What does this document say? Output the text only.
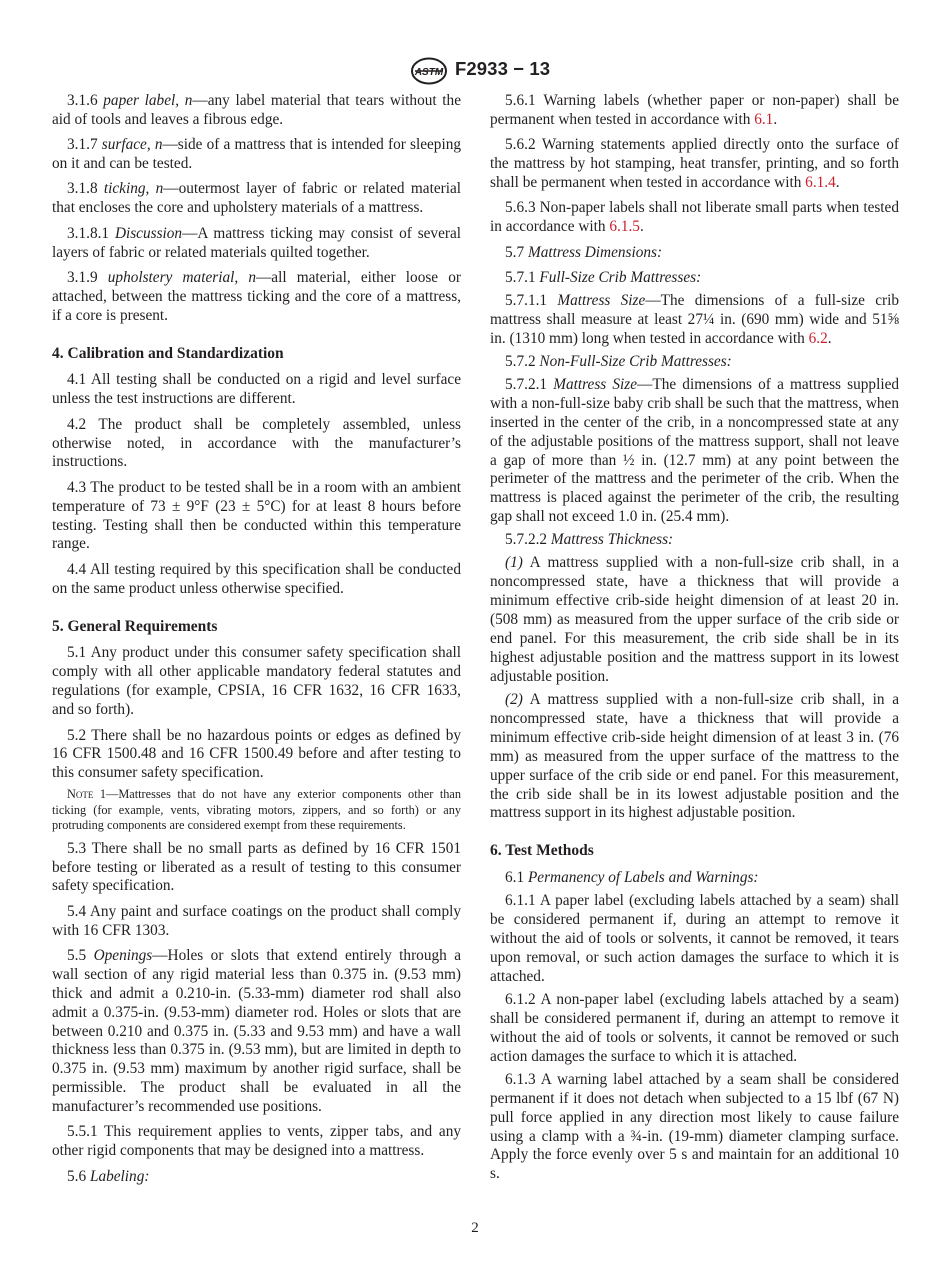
ASTM F2933 − 13

3.1.6 paper label, n—any label material that tears without the aid of tools and leaves a fibrous edge.

3.1.7 surface, n—side of a mattress that is intended for sleeping on it and can be tested.

3.1.8 ticking, n—outermost layer of fabric or related material that encloses the core and upholstery materials of a mattress.

3.1.8.1 Discussion—A mattress ticking may consist of several layers of fabric or related materials quilted together.

3.1.9 upholstery material, n—all material, either loose or attached, between the mattress ticking and the core of a mattress, if a core is present.

4. Calibration and Standardization

4.1 All testing shall be conducted on a rigid and level surface unless the test instructions are different.

4.2 The product shall be completely assembled, unless otherwise noted, in accordance with the manufacturer’s instructions.

4.3 The product to be tested shall be in a room with an ambient temperature of 73 ± 9°F (23 ± 5°C) for at least 8 hours before testing. Testing shall then be conducted within this temperature range.

4.4 All testing required by this specification shall be conducted on the same product unless otherwise specified.

5. General Requirements

5.1 Any product under this consumer safety specification shall comply with all other applicable mandatory federal statutes and regulations (for example, CPSIA, 16 CFR 1632, 16 CFR 1633, and so forth).

5.2 There shall be no hazardous points or edges as defined by 16 CFR 1500.48 and 16 CFR 1500.49 before and after testing to this consumer safety specification.

Note 1—Mattresses that do not have any exterior components other than ticking (for example, vents, vibrating motors, zippers, and so forth) or any protruding components are considered exempt from these requirements.

5.3 There shall be no small parts as defined by 16 CFR 1501 before testing or liberated as a result of testing to this consumer safety specification.

5.4 Any paint and surface coatings on the product shall comply with 16 CFR 1303.

5.5 Openings—Holes or slots that extend entirely through a wall section of any rigid material less than 0.375 in. (9.53 mm) thick and admit a 0.210-in. (5.33-mm) diameter rod shall also admit a 0.375-in. (9.53-mm) diameter rod. Holes or slots that are between 0.210 and 0.375 in. (5.33 and 9.53 mm) and have a wall thickness less than 0.375 in. (9.53 mm), but are limited in depth to 0.375 in. (9.53 mm) maximum by another rigid surface, shall be permissible. The product shall be evaluated in all the manufacturer’s recommended use positions.

5.5.1 This requirement applies to vents, zipper tabs, and any other rigid components that may be designed into a mattress.

5.6 Labeling:

5.6.1 Warning labels (whether paper or non-paper) shall be permanent when tested in accordance with 6.1.

5.6.2 Warning statements applied directly onto the surface of the mattress by hot stamping, heat transfer, printing, and so forth shall be permanent when tested in accordance with 6.1.4.

5.6.3 Non-paper labels shall not liberate small parts when tested in accordance with 6.1.5.

5.7 Mattress Dimensions:

5.7.1 Full-Size Crib Mattresses:

5.7.1.1 Mattress Size—The dimensions of a full-size crib mattress shall measure at least 27¼ in. (690 mm) wide and 51⅝ in. (1310 mm) long when tested in accordance with 6.2.

5.7.2 Non-Full-Size Crib Mattresses:

5.7.2.1 Mattress Size—The dimensions of a mattress supplied with a non-full-size baby crib shall be such that the mattress, when inserted in the center of the crib, in a noncompressed state at any of the adjustable positions of the mattress support, shall not leave a gap of more than ½ in. (12.7 mm) at any point between the perimeter of the mattress and the perimeter of the crib. When the mattress is placed against the perimeter of the crib, the resulting gap shall not exceed 1.0 in. (25.4 mm).

5.7.2.2 Mattress Thickness:

(1) A mattress supplied with a non-full-size crib shall, in a noncompressed state, have a thickness that will provide a minimum effective crib-side height dimension of at least 20 in. (508 mm) as measured from the upper surface of the crib side or end panel. For this measurement, the crib side shall be in its highest adjustable position and the mattress support in its lowest adjustable position.

(2) A mattress supplied with a non-full-size crib shall, in a noncompressed state, have a thickness that will provide a minimum effective crib-side height dimension of at least 3 in. (76 mm) as measured from the upper surface of the mattress to the upper surface of the crib side or end panel. For this measurement, the crib side shall be in its lowest adjustable position and the mattress support in its highest adjustable position.

6. Test Methods

6.1 Permanency of Labels and Warnings:

6.1.1 A paper label (excluding labels attached by a seam) shall be considered permanent if, during an attempt to remove it without the aid of tools or solvents, it cannot be removed, it tears upon removal, or such action damages the surface to which it is attached.

6.1.2 A non-paper label (excluding labels attached by a seam) shall be considered permanent if, during an attempt to remove it without the aid of tools or solvents, it cannot be removed or such action damages the surface to which it is attached.

6.1.3 A warning label attached by a seam shall be considered permanent if it does not detach when subjected to a 15 lbf (67 N) pull force applied in any direction most likely to cause failure using a clamp with a ¾-in. (19-mm) diameter clamping surface. Apply the force evenly over 5 s and maintain for an additional 10 s.

2
